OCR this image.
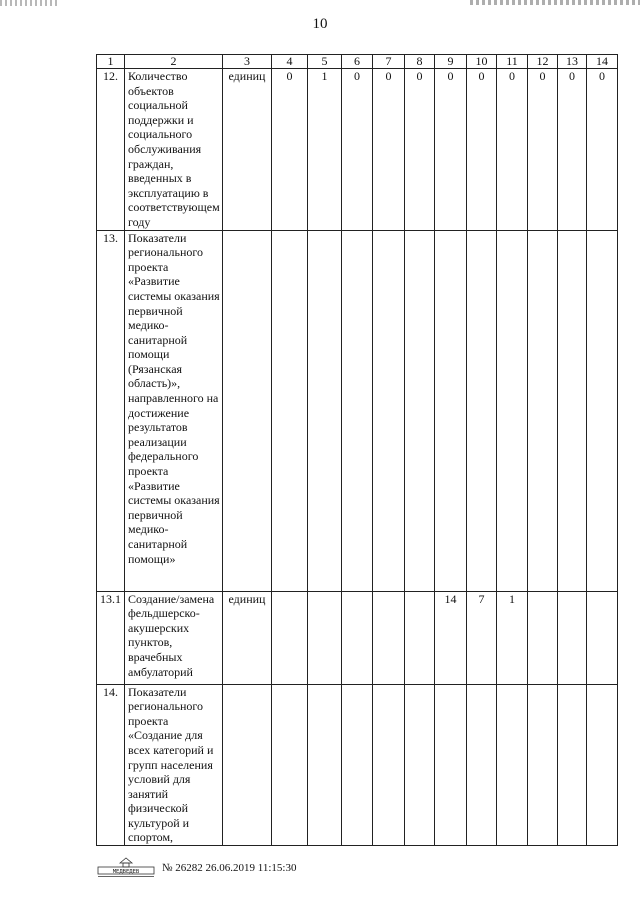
10
1	2	3	4	5	6	7	8	9	10	11	12	13	14
12.	Количество объектов социальной поддержки и социального обслуживания граждан, введенных в эксплуатацию в соответствующем году	единиц	0	1	0	0	0	0	0	0	0	0	0
13.	Показатели регионального проекта «Развитие системы оказания первичной медико-санитарной помощи (Рязанская область)», направленного на достижение результатов реализации федерального проекта «Развитие системы оказания первичной медико-санитарной помощи»												
13.1	Создание/замена фельдшерско-акушерских пунктов, врачебных амбулаторий	единиц						14	7	1			
14.	Показатели регионального проекта «Создание для всех категорий и групп населения условий для занятий физической культурой и спортом,												
МЕДВЕДЕВ № 26282 26.06.2019 11:15:30
